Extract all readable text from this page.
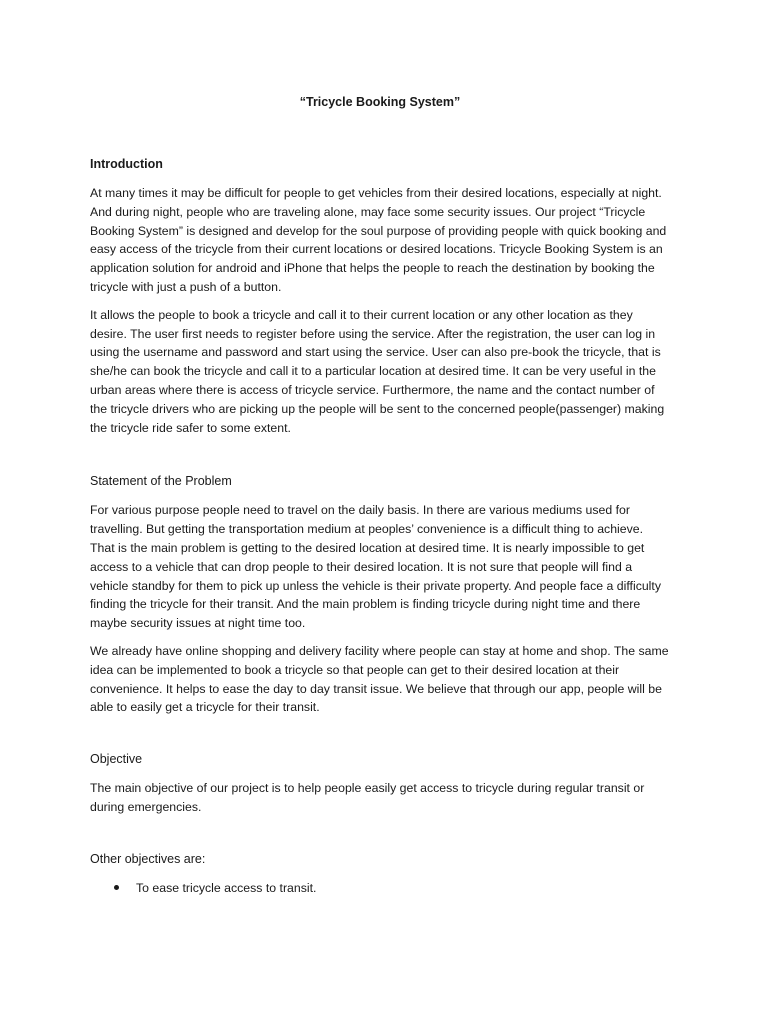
“Tricycle Booking System”
Introduction

At many times it may be difficult for people to get vehicles from their desired locations, especially at night. And during night, people who are traveling alone, may face some security issues. Our project “Tricycle Booking System” is designed and develop for the soul purpose of providing people with quick booking and easy access of the tricycle from their current locations or desired locations. Tricycle Booking System is an application solution for android and iPhone that helps the people to reach the destination by booking the tricycle with just a push of a button.

It allows the people to book a tricycle and call it to their current location or any other location as they desire. The user first needs to register before using the service. After the registration, the user can log in using the username and password and start using the service. User can also pre-book the tricycle, that is she/he can book the tricycle and call it to a particular location at desired time. It can be very useful in the urban areas where there is access of tricycle service. Furthermore, the name and the contact number of the tricycle drivers who are picking up the people will be sent to the concerned people(passenger) making the tricycle ride safer to some extent.

Statement of the Problem

For various purpose people need to travel on the daily basis. In there are various mediums used for travelling. But getting the transportation medium at peoples’ convenience is a difficult thing to achieve. That is the main problem is getting to the desired location at desired time. It is nearly impossible to get access to a vehicle that can drop people to their desired location. It is not sure that people will find a vehicle standby for them to pick up unless the vehicle is their private property. And people face a difficulty finding the tricycle for their transit. And the main problem is finding tricycle during night time and there maybe security issues at night time too.

We already have online shopping and delivery facility where people can stay at home and shop. The same idea can be implemented to book a tricycle so that people can get to their desired location at their convenience. It helps to ease the day to day transit issue. We believe that through our app, people will be able to easily get a tricycle for their transit.

Objective

The main objective of our project is to help people easily get access to tricycle during regular transit or during emergencies.

Other objectives are:
To ease tricycle access to transit.
